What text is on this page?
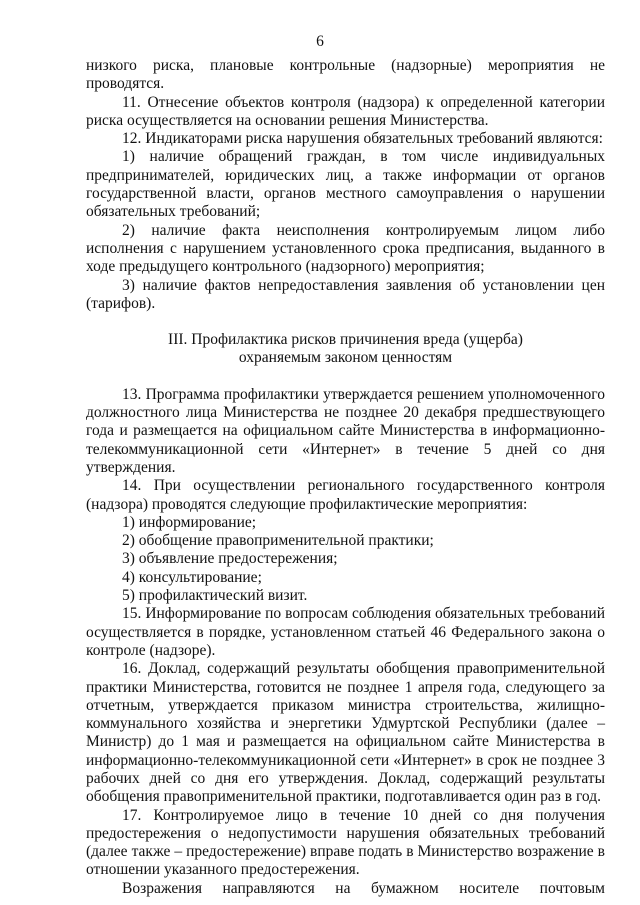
6

низкого риска, плановые контрольные (надзорные) мероприятия не проводятся.

11. Отнесение объектов контроля (надзора) к определенной категории риска осуществляется на основании решения Министерства.

12. Индикаторами риска нарушения обязательных требований являются:

1) наличие обращений граждан, в том числе индивидуальных предпринимателей, юридических лиц, а также информации от органов государственной власти, органов местного самоуправления о нарушении обязательных требований;

2) наличие факта неисполнения контролируемым лицом либо исполнения с нарушением установленного срока предписания, выданного в ходе предыдущего контрольного (надзорного) мероприятия;

3) наличие фактов непредоставления заявления об установлении цен (тарифов).

III. Профилактика рисков причинения вреда (ущерба)
охраняемым законом ценностям

13. Программа профилактики утверждается решением уполномоченного должностного лица Министерства не позднее 20 декабря предшествующего года и размещается на официальном сайте Министерства в информационно-телекоммуникационной сети «Интернет» в течение 5 дней со дня утверждения.

14. При осуществлении регионального государственного контроля (надзора) проводятся следующие профилактические мероприятия:

1) информирование;

2) обобщение правоприменительной практики;

3) объявление предостережения;

4) консультирование;

5) профилактический визит.

15. Информирование по вопросам соблюдения обязательных требований осуществляется в порядке, установленном статьей 46 Федерального закона о контроле (надзоре).

16. Доклад, содержащий результаты обобщения правоприменительной практики Министерства, готовится не позднее 1 апреля года, следующего за отчетным, утверждается приказом министра строительства, жилищно-коммунального хозяйства и энергетики Удмуртской Республики (далее – Министр) до 1 мая и размещается на официальном сайте Министерства в информационно-телекоммуникационной сети «Интернет» в срок не позднее 3 рабочих дней со дня его утверждения. Доклад, содержащий результаты обобщения правоприменительной практики, подготавливается один раз в год.

17. Контролируемое лицо в течение 10 дней со дня получения предостережения о недопустимости нарушения обязательных требований (далее также – предостережение) вправе подать в Министерство возражение в отношении указанного предостережения.

Возражения направляются на бумажном носителе почтовым
